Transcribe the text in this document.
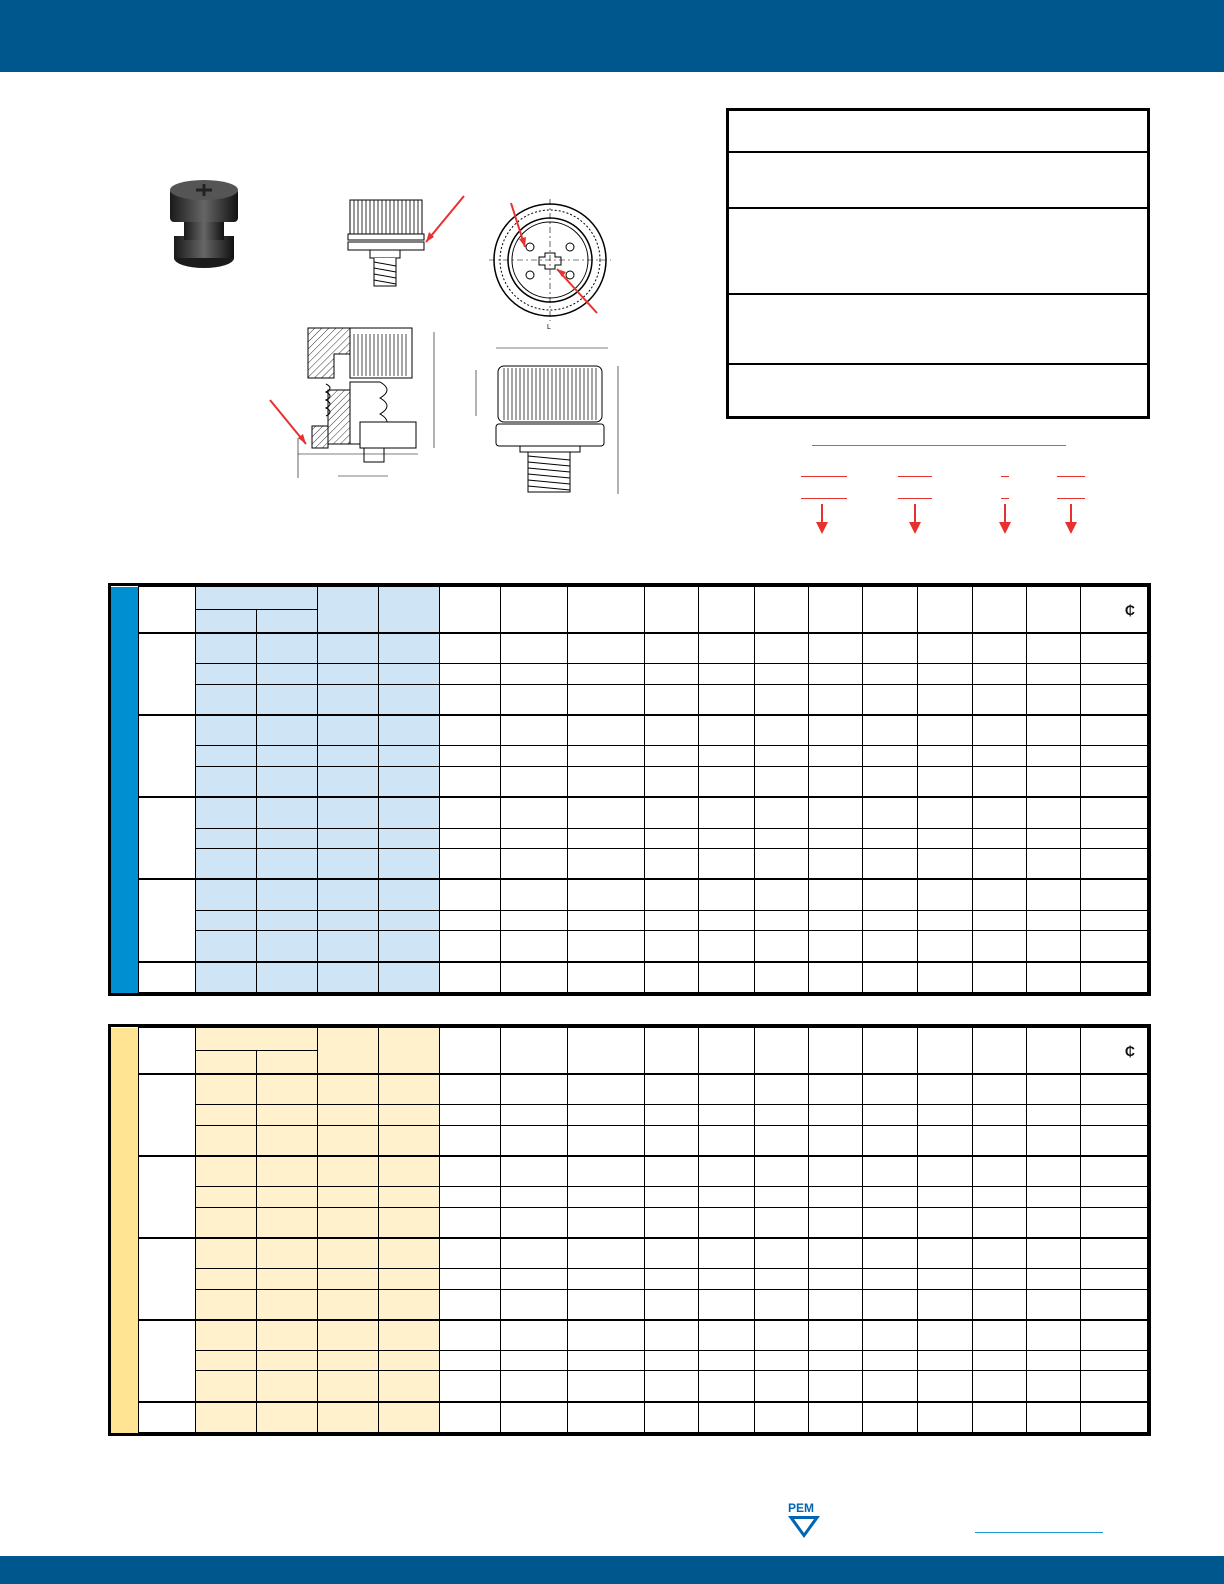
L
																	₵

																	₵

PEM
